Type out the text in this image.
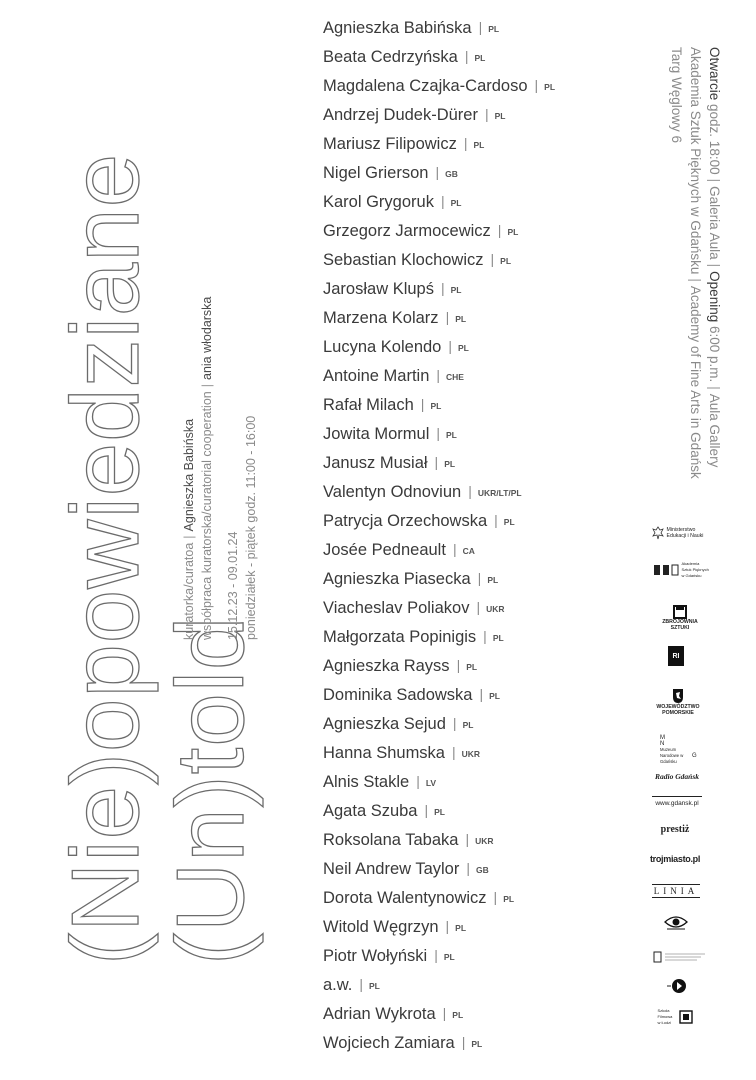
(Nie)opowiedziane
(Un)told
kuratorka/curatoa|Agnieszka Babińska współpraca kuratorska/curatorial cooperation|ania włodarska
15.12.23 - 09.01.24 poniedziałek - piątek godz. 11:00 - 16:00
Agnieszka Babińska | PL
Beata Cedrzyńska | PL
Magdalena Czajka-Cardoso | PL
Andrzej Dudek-Dürer | PL
Mariusz Filipowicz | PL
Nigel Grierson | GB
Karol Grygoruk | PL
Grzegorz Jarmocewicz | PL
Sebastian Klochowicz | PL
Jarosław Klupś | PL
Marzena Kolarz | PL
Lucyna Kolendo | PL
Antoine Martin | CHE
Rafał Milach | PL
Jowita Mormul | PL
Janusz Musiał | PL
Valentyn Odnoviun | UKR/LT/PL
Patrycja Orzechowska | PL
Josée Pedneault | CA
Agnieszka Piasecka | PL
Viacheslav Poliakov | UKR
Małgorzata Popinigis | PL
Agnieszka Rayss | PL
Dominika Sadowska | PL
Agnieszka Sejud | PL
Hanna Shumska | UKR
Alnis Stakle | LV
Agata Szuba | PL
Roksolana Tabaka | UKR
Neil Andrew Taylor | GB
Dorota Walentynowicz | PL
Witold Węgrzyn | PL
Piotr Wołyński | PL
a.w. | PL
Adrian Wykrota | PL
Wojciech Zamiara | PL
Otwarcie godz. 18:00|Galeria Aula|Opening 6:00 p.m.|Aula Gallery
Akademia Sztuk Pięknych w Gdańsku|Academy of Fine Arts in Gdańsk
Targ Węglowy 6
Ministerstwo Edukacji i Nauki
Akademia Sztuk Pięknych w Gdańsku
ZBROJOWNIA SZTUKI
RI
WOJEWÓDZTWO POMORSKIE
M N
Muzeum Narodowe w Gdańsku
G
Radio Gdańsk
www.gdansk.pl
prestiż
trojmiasto.pl
LINIA
Szkoła Filmowa w Łodzi
